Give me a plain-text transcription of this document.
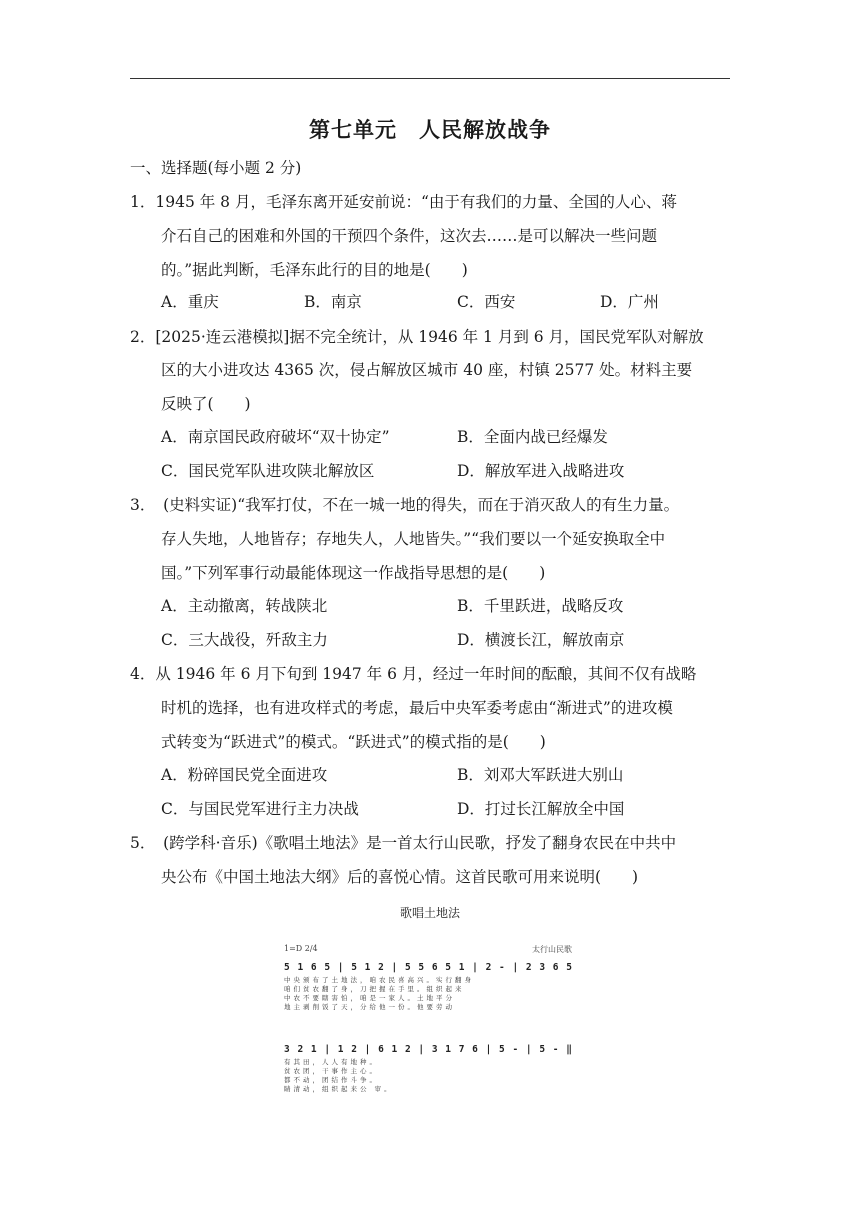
第七单元　人民解放战争
一、选择题(每小题 2 分)
1．1945 年 8 月，毛泽东离开延安前说：“由于有我们的力量、全国的人心、蒋
介石自己的困难和外国的干预四个条件，这次去……是可以解决一些问题
的。”据此判断，毛泽东此行的目的地是(　　)
A．重庆	B．南京	C．西安	D．广州
2．[2025·连云港模拟]据不完全统计，从 1946 年 1 月到 6 月，国民党军队对解放
区的大小进攻达 4365 次，侵占解放区城市 40 座，村镇 2577 处。材料主要
反映了(　　)
A．南京国民政府破坏“双十协定”	B．全面内战已经爆发
C．国民党军队进攻陕北解放区	D．解放军进入战略进攻
3．　(史料实证)“我军打仗，不在一城一地的得失，而在于消灭敌人的有生力量。
存人失地，人地皆存；存地失人，人地皆失。”“我们要以一个延安换取全中
国。”下列军事行动最能体现这一作战指导思想的是(　　)
A．主动撤离，转战陕北	B．千里跃进，战略反攻
C．三大战役，歼敌主力	D．横渡长江，解放南京
4．从 1946 年 6 月下旬到 1947 年 6 月，经过一年时间的酝酿，其间不仅有战略
时机的选择，也有进攻样式的考虑，最后中央军委考虑由“渐进式”的进攻模
式转变为“跃进式”的模式。“跃进式”的模式指的是(　　)
A．粉碎国民党全面进攻	B．刘邓大军跃进大别山
C．与国民党军进行主力决战	D．打过长江解放全中国
5．　(跨学科·音乐)《歌唱土地法》是一首太行山民歌，抒发了翻身农民在中共中
央公布《中国土地法大纲》后的喜悦心情。这首民歌可用来说明(　　)
歌唱土地法
1=D 2/4	太行山民歌
5 1 6 5 | 5 1 2 | 5 5 6 5 1 | 2 - | 2 3 6 5
中央颁布了土地法，咱农民喜高兴。实行翻身
咱们贫农翻了身，刀把握在手里。组织起来
中农不要瞎害怕，咱是一家人。土地平分
地主剥削饭了天，分给他一份。他要劳动
3 2 1 | 1 2 | 6 1 2 | 3 1 7 6 | 5 - | 5 - ‖
有其田，人人有地种。
贫农团，干事作主心。
都不动，团结作斗争。
睛清动，组织起来公 审。
